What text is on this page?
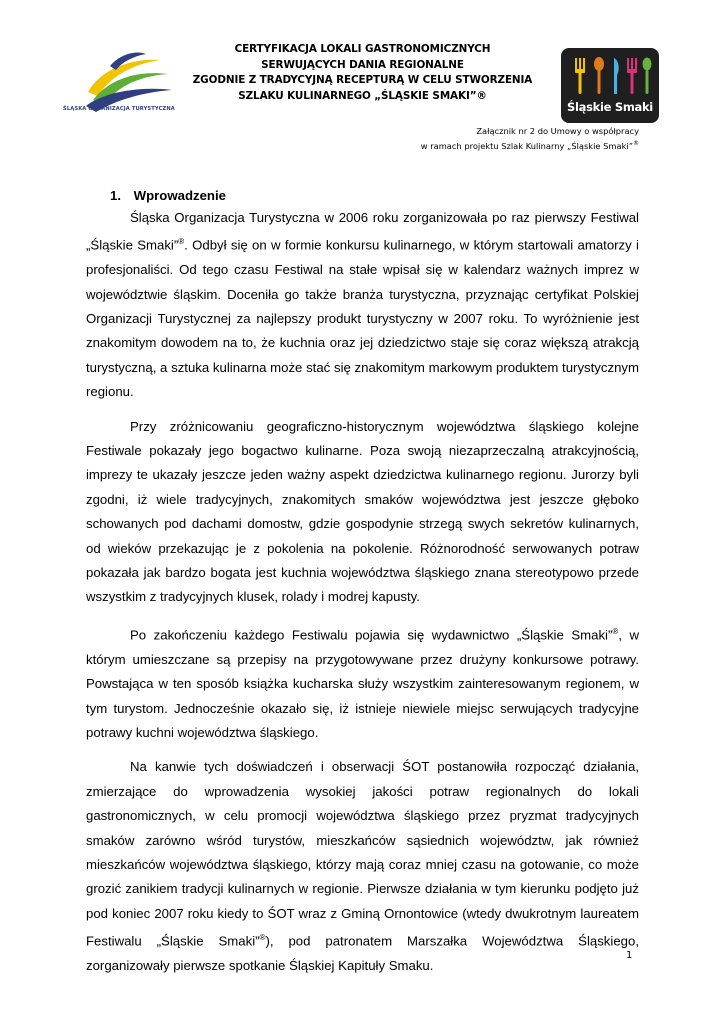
ŚLĄSKA ORGANIZACJA TURYSTYCZNA
CERTYFIKACJA LOKALI GASTRONOMICZNYCH
SERWUJĄCYCH DANIA REGIONALNE
ZGODNIE Z TRADYCYJNĄ RECEPTURĄ W CELU STWORZENIA
SZLAKU KULINARNEGO „ŚLĄSKIE SMAKI”®
Śląskie Smaki
Załącznik nr 2 do Umowy o współpracy
w ramach projektu Szlak Kulinarny „Śląskie Smaki”®
1. Wprowadzenie

Śląska Organizacja Turystyczna w 2006 roku zorganizowała po raz pierwszy Festiwal „Śląskie Smaki”®. Odbył się on w formie konkursu kulinarnego, w którym startowali amatorzy i profesjonaliści. Od tego czasu Festiwal na stałe wpisał się w kalendarz ważnych imprez w województwie śląskim. Doceniła go także branża turystyczna, przyznając certyfikat Polskiej Organizacji Turystycznej za najlepszy produkt turystyczny w 2007 roku. To wyróżnienie jest znakomitym dowodem na to, że kuchnia oraz jej dziedzictwo staje się coraz większą atrakcją turystyczną, a sztuka kulinarna może stać się znakomitym markowym produktem turystycznym regionu.

Przy zróżnicowaniu geograficzno-historycznym województwa śląskiego kolejne Festiwale pokazały jego bogactwo kulinarne. Poza swoją niezaprzeczalną atrakcyjnością, imprezy te ukazały jeszcze jeden ważny aspekt dziedzictwa kulinarnego regionu. Jurorzy byli zgodni, iż wiele tradycyjnych, znakomitych smaków województwa jest jeszcze głęboko schowanych pod dachami domostw, gdzie gospodynie strzegą swych sekretów kulinarnych, od wieków przekazując je z pokolenia na pokolenie. Różnorodność serwowanych potraw pokazała jak bardzo bogata jest kuchnia województwa śląskiego znana stereotypowo przede wszystkim z tradycyjnych klusek, rolady i modrej kapusty.

Po zakończeniu każdego Festiwalu pojawia się wydawnictwo „Śląskie Smaki”®, w którym umieszczane są przepisy na przygotowywane przez drużyny konkursowe potrawy. Powstająca w ten sposób książka kucharska służy wszystkim zainteresowanym regionem, w tym turystom. Jednocześnie okazało się, iż istnieje niewiele miejsc serwujących tradycyjne potrawy kuchni województwa śląskiego.

Na kanwie tych doświadczeń i obserwacji ŚOT postanowiła rozpocząć działania, zmierzające do wprowadzenia wysokiej jakości potraw regionalnych do lokali gastronomicznych, w celu promocji województwa śląskiego przez pryzmat tradycyjnych smaków zarówno wśród turystów, mieszkańców sąsiednich województw, jak również mieszkańców województwa śląskiego, którzy mają coraz mniej czasu na gotowanie, co może grozić zanikiem tradycji kulinarnych w regionie. Pierwsze działania w tym kierunku podjęto już pod koniec 2007 roku kiedy to ŚOT wraz z Gminą Ornontowice (wtedy dwukrotnym laureatem Festiwalu „Śląskie Smaki”®), pod patronatem Marszałka Województwa Śląskiego, zorganizowały pierwsze spotkanie Śląskiej Kapituły Smaku.

1
